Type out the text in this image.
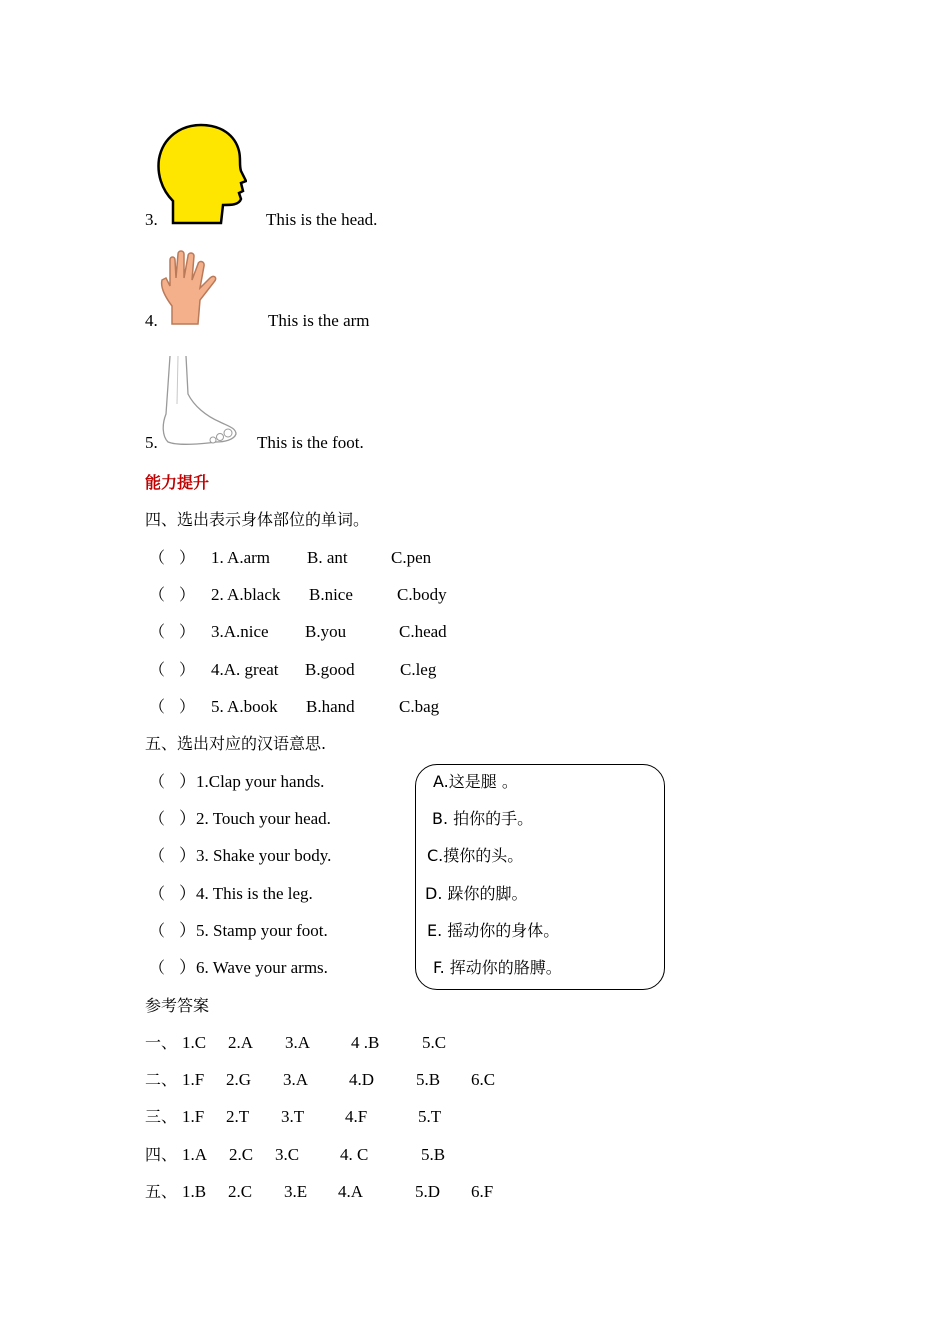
3.	This is the head.
4.	This is the arm
5.	This is the foot.
能力提升
四、选出表示身体部位的单词。
（ ） 1. A.arm B. ant	C.pen
（ ） 2. A.black B.nice	C.body
（ ） 3.A.nice B.you	C.head
（ ） 4.A. great B.good	C.leg
（ ） 5. A.book B.hand	C.bag
五、选出对应的汉语意思.
（ ）1.Clap your hands.
（ ）2. Touch your head.
（ ）3. Shake your body.
（ ）4. This is the leg.
（ ）5. Stamp your foot.
（ ）6. Wave your arms.
A.这是腿 。
B. 拍你的手。
C.摸你的头。
D. 跺你的脚。
E. 摇动你的身体。
F. 挥动你的胳膊。
参考答案
一、 1.C 2.A 3.A 4 .B	5.C
二、 1.F 2.G 3.A 4.D 5.B 6.C
三、 1.F 2.T 3.T 4.F	5.T
四、 1.A 2.C 3.C 4. C	5.B
五、 1.B 2.C 3.E 4.A	5.D 6.F
